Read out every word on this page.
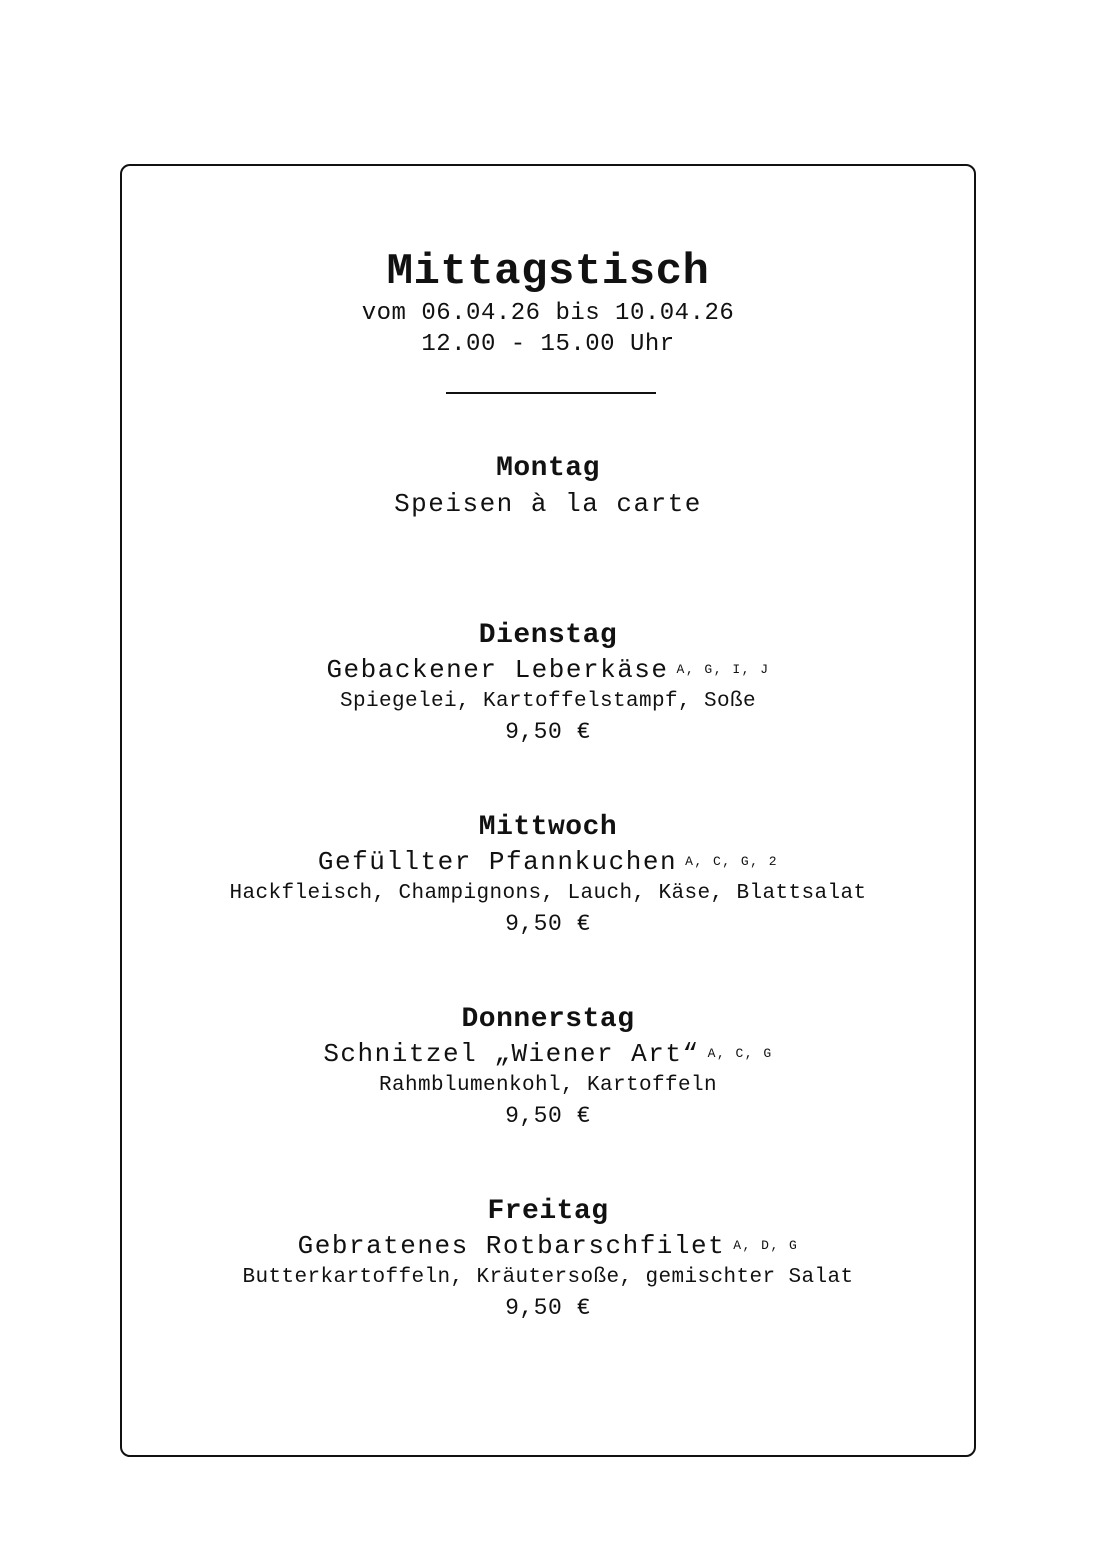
Mittagstisch
vom 06.04.26 bis 10.04.26
12.00 - 15.00 Uhr
Montag
Speisen à la carte
Dienstag
Gebackener Leberkäse A, G, I, J
Spiegelei, Kartoffelstampf, Soße
9,50 €
Mittwoch
Gefüllter Pfannkuchen A, C, G, 2
Hackfleisch, Champignons, Lauch, Käse, Blattsalat
9,50 €
Donnerstag
Schnitzel „Wiener Art“ A, C, G
Rahmblumenkohl, Kartoffeln
9,50 €
Freitag
Gebratenes Rotbarschfilet A, D, G
Butterkartoffeln, Kräutersoße, gemischter Salat
9,50 €
